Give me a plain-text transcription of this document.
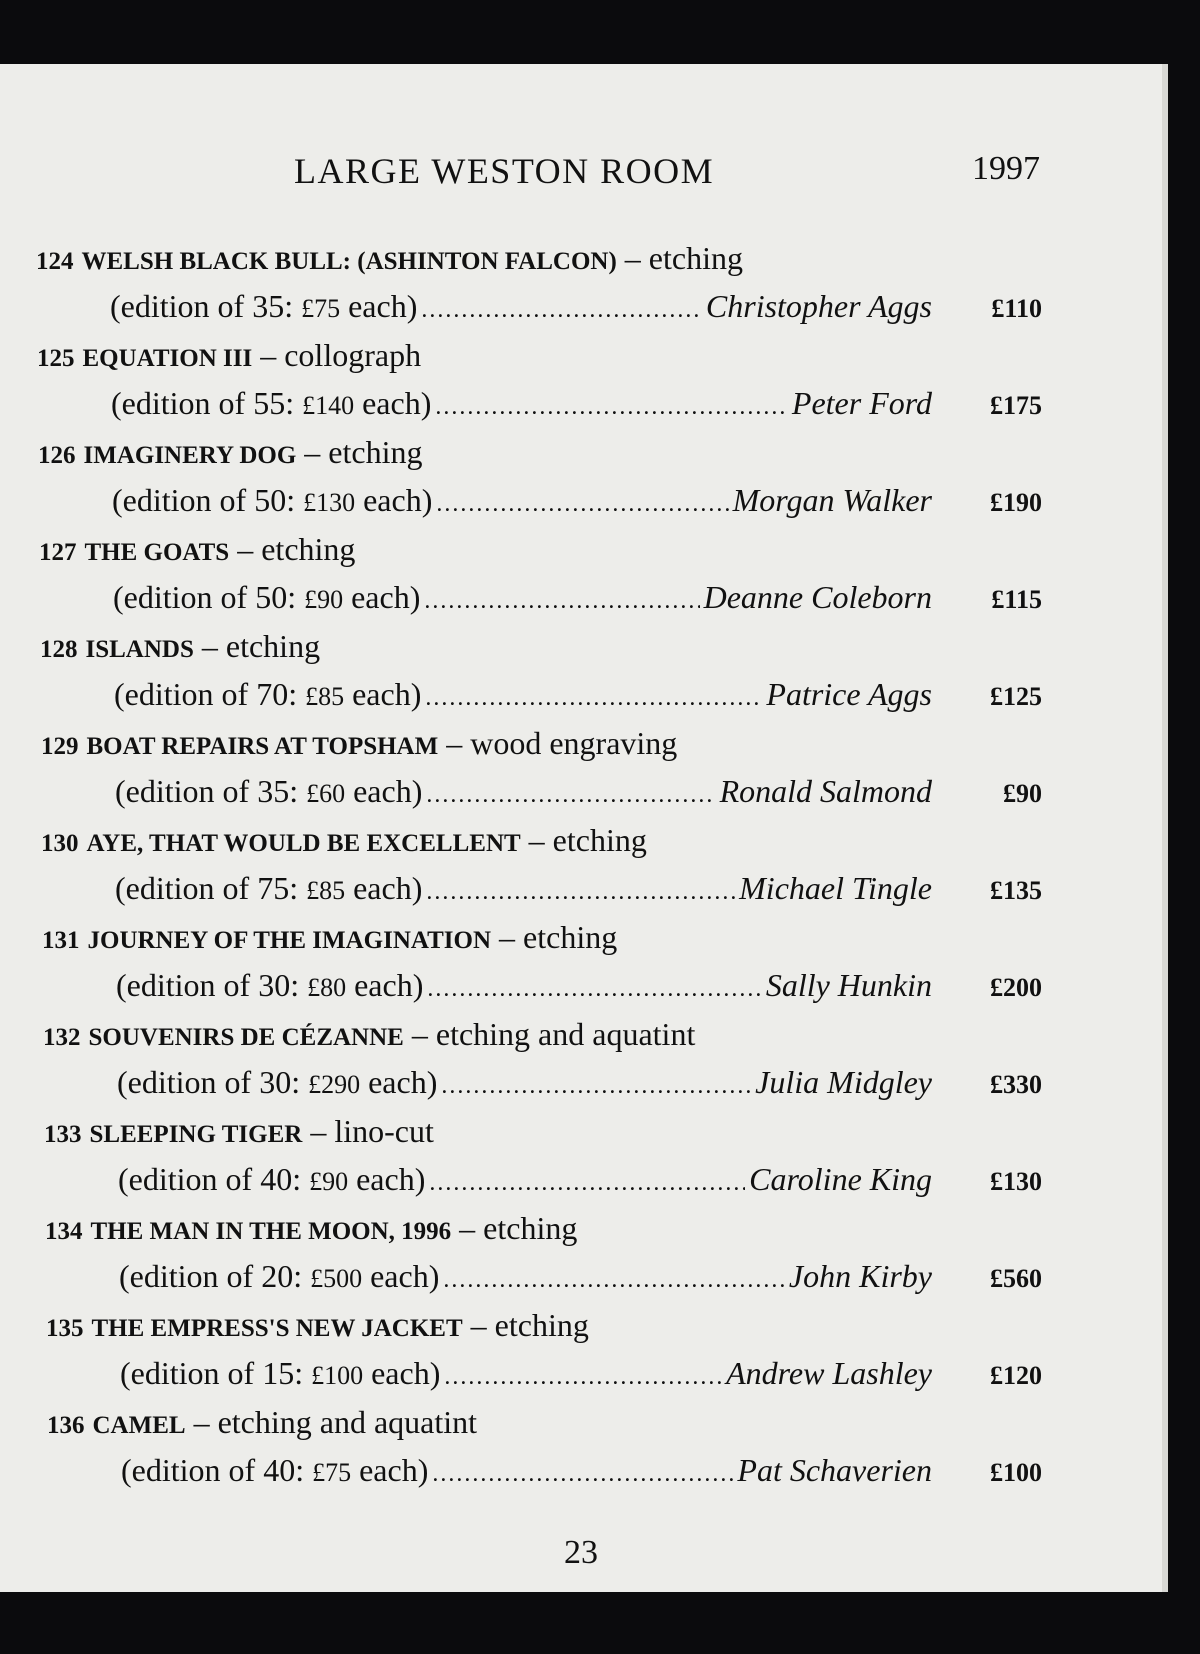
LARGE WESTON ROOM	1997
124 WELSH BLACK BULL: (ASHINTON FALCON) – etching
(edition of 35: £75 each) .....	Christopher Aggs	£110
125 EQUATION III – collograph
(edition of 55: £140 each) .....	Peter Ford	£175
126 IMAGINERY DOG – etching
(edition of 50: £130 each) .....	Morgan Walker	£190
127 THE GOATS – etching
(edition of 50: £90 each) .....	Deanne Coleborn	£115
128 ISLANDS – etching
(edition of 70: £85 each) .....	Patrice Aggs	£125
129 BOAT REPAIRS AT TOPSHAM – wood engraving
(edition of 35: £60 each) .....	Ronald Salmond	£90
130 AYE, THAT WOULD BE EXCELLENT – etching
(edition of 75: £85 each) .....	Michael Tingle	£135
131 JOURNEY OF THE IMAGINATION – etching
(edition of 30: £80 each) .....	Sally Hunkin	£200
132 SOUVENIRS DE CÉZANNE – etching and aquatint
(edition of 30: £290 each) .....	Julia Midgley	£330
133 SLEEPING TIGER – lino-cut
(edition of 40: £90 each) .....	Caroline King	£130
134 THE MAN IN THE MOON, 1996 – etching
(edition of 20: £500 each) .....	John Kirby	£560
135 THE EMPRESS'S NEW JACKET – etching
(edition of 15: £100 each) .....	Andrew Lashley	£120
136 CAMEL – etching and aquatint
(edition of 40: £75 each) .....	Pat Schaverien	£100
23
